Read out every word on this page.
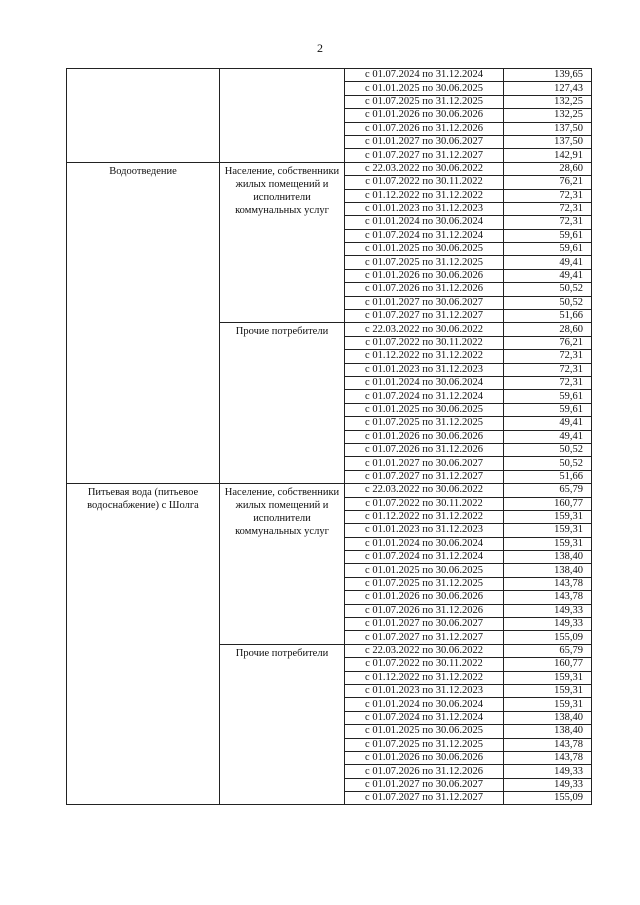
2
		с 01.07.2024 по 31.12.2024	139,65
		с 01.01.2025 по 30.06.2025	127,43
		с 01.07.2025 по 31.12.2025	132,25
		с 01.01.2026 по 30.06.2026	132,25
		с 01.07.2026 по 31.12.2026	137,50
		с 01.01.2027 по 30.06.2027	137,50
		с 01.07.2027 по 31.12.2027	142,91
Водоотведение	Население, собственники жилых помещений и исполнители коммунальных услуг	с 22.03.2022 по 30.06.2022	28,60
		с 01.07.2022 по 30.11.2022	76,21
		с 01.12.2022 по 31.12.2022	72,31
		с 01.01.2023 по 31.12.2023	72,31
		с 01.01.2024 по 30.06.2024	72,31
		с 01.07.2024 по 31.12.2024	59,61
		с 01.01.2025 по 30.06.2025	59,61
		с 01.07.2025 по 31.12.2025	49,41
		с 01.01.2026 по 30.06.2026	49,41
		с 01.07.2026 по 31.12.2026	50,52
		с 01.01.2027 по 30.06.2027	50,52
		с 01.07.2027 по 31.12.2027	51,66
	Прочие потребители	с 22.03.2022 по 30.06.2022	28,60
		с 01.07.2022 по 30.11.2022	76,21
		с 01.12.2022 по 31.12.2022	72,31
		с 01.01.2023 по 31.12.2023	72,31
		с 01.01.2024 по 30.06.2024	72,31
		с 01.07.2024 по 31.12.2024	59,61
		с 01.01.2025 по 30.06.2025	59,61
		с 01.07.2025 по 31.12.2025	49,41
		с 01.01.2026 по 30.06.2026	49,41
		с 01.07.2026 по 31.12.2026	50,52
		с 01.01.2027 по 30.06.2027	50,52
		с 01.07.2027 по 31.12.2027	51,66
Питьевая вода (питьевое водоснабжение) с Шолга	Население, собственники жилых помещений и исполнители коммунальных услуг	с 22.03.2022 по 30.06.2022	65,79
		с 01.07.2022 по 30.11.2022	160,77
		с 01.12.2022 по 31.12.2022	159,31
		с 01.01.2023 по 31.12.2023	159,31
		с 01.01.2024 по 30.06.2024	159,31
		с 01.07.2024 по 31.12.2024	138,40
		с 01.01.2025 по 30.06.2025	138,40
		с 01.07.2025 по 31.12.2025	143,78
		с 01.01.2026 по 30.06.2026	143,78
		с 01.07.2026 по 31.12.2026	149,33
		с 01.01.2027 по 30.06.2027	149,33
		с 01.07.2027 по 31.12.2027	155,09
	Прочие потребители	с 22.03.2022 по 30.06.2022	65,79
		с 01.07.2022 по 30.11.2022	160,77
		с 01.12.2022 по 31.12.2022	159,31
		с 01.01.2023 по 31.12.2023	159,31
		с 01.01.2024 по 30.06.2024	159,31
		с 01.07.2024 по 31.12.2024	138,40
		с 01.01.2025 по 30.06.2025	138,40
		с 01.07.2025 по 31.12.2025	143,78
		с 01.01.2026 по 30.06.2026	143,78
		с 01.07.2026 по 31.12.2026	149,33
		с 01.01.2027 по 30.06.2027	149,33
		с 01.07.2027 по 31.12.2027	155,09
